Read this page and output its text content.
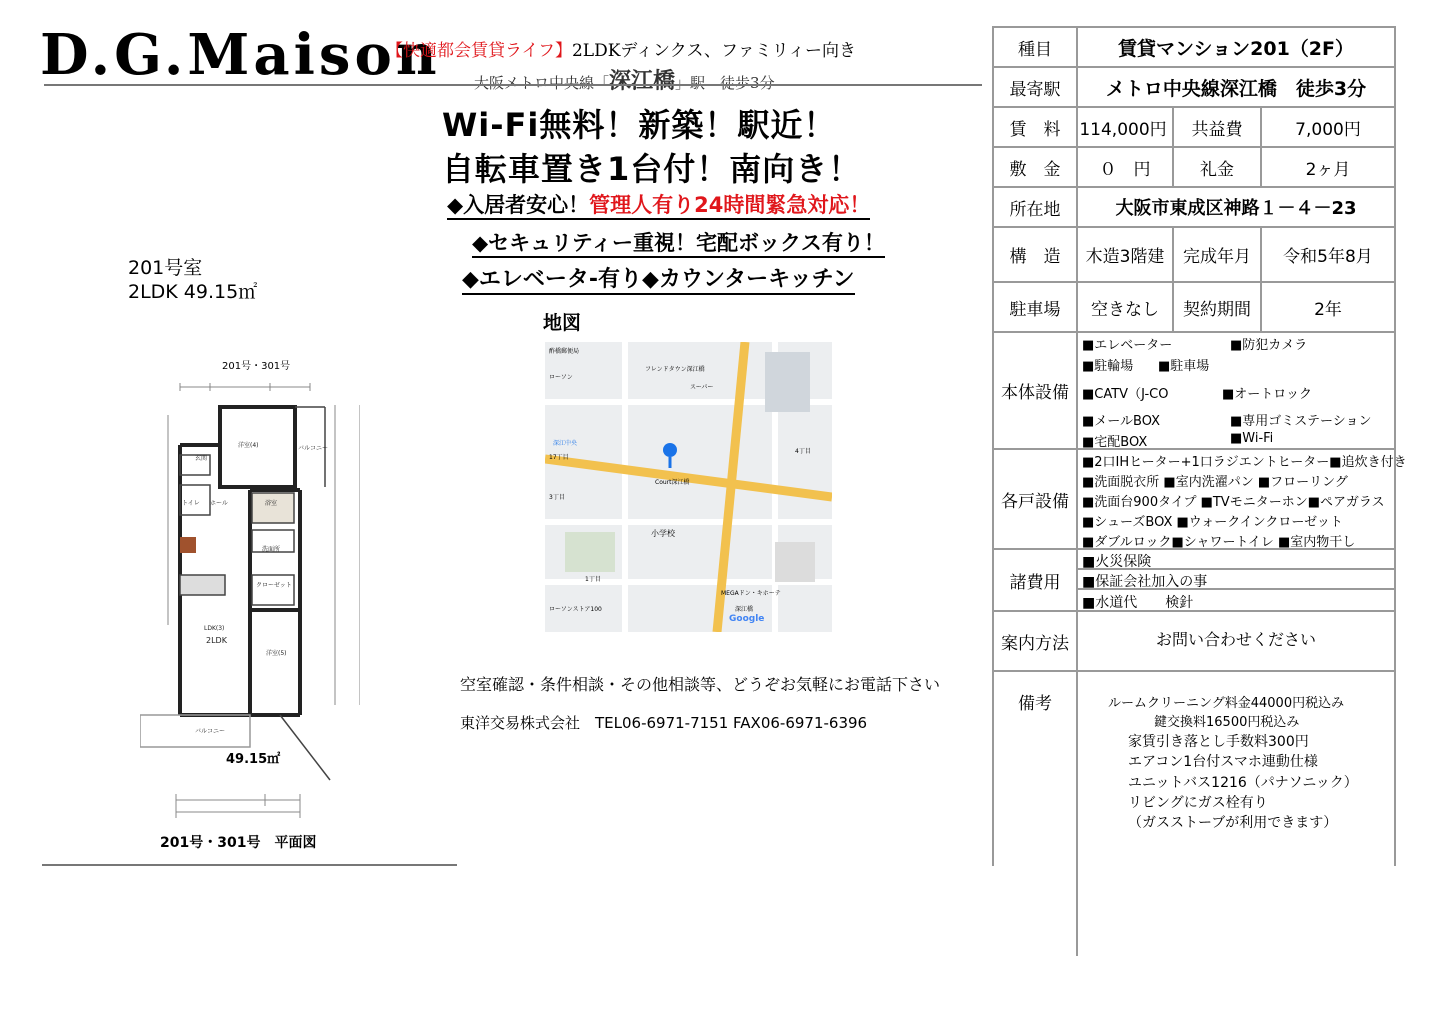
D.G.Maison
【快適都会賃貸ライフ】2LDKディンクス、ファミリィー向き
大阪メトロ中央線「深江橋」駅　徒歩3分
Wi-Fi無料！新築！駅近！
自転車置き1台付！南向き！
◆入居者安心！管理人有り24時間緊急対応！
◆セキュリティー重視！宅配ボックス有り！
◆エレベータ-有り◆カウンターキッチン
201号室
2LDK 49.15㎡
201号・301号
洋室(4)	バルコニー
玄関
トイレ ホール
洗面所
浴室
LDK(3)
2LDK
クローゼット
洋室(5)
バルコニー
49.15㎡
201号・301号　平面図
地図
フレンドタウン深江橋
深江中央
Court深江橋
小学校
MEGAドン・キホーテ
Google
酢橋郵便局
ローソン
スーパー
17丁目
4丁目
3丁目
1丁目
ローソンストア100	深江橋
空室確認・条件相談・その他相談等、どうぞお気軽にお電話下さい
東洋交易株式会社　TEL06-6971-7151 FAX06-6971-6396
種目	賃貸マンション201（2F）
最寄駅	メトロ中央線深江橋　徒歩3分
賃　料	114,000円	共益費	7,000円
敷　金	０　円	礼金	2ヶ月
所在地	大阪市東成区神路１－４－23
構　造	木造3階建	完成年月	令和5年8月
駐車場	空きなし	契約期間	2年
本体設備
■エレベーター	■防犯カメラ
■駐輪場 ■駐車場
■CATV（J-CO	■オートロック
■メールBOX	■専用ゴミステーション
■宅配BOX	■Wi-Fi
各戸設備
■2口IHヒーター+1口ラジエントヒーター■追炊き付き
■洗面脱衣所 ■室内洗濯パン ■フローリング
■洗面台900タイプ ■TVモニターホン■ペアガラス
■シューズBOX ■ウォークインクローゼット
■ダブルロック■シャワートイレ ■室内物干し
諸費用
■火災保険
■保証会社加入の事
■水道代　　検針
案内方法	お問い合わせください
備考	ルームクリーニング料金44000円税込み
鍵交換料16500円税込み
家賃引き落とし手数料300円
エアコン1台付スマホ連動仕様
ユニットバス1216（パナソニック）
リビングにガス栓有り
（ガスストーブが利用できます）
